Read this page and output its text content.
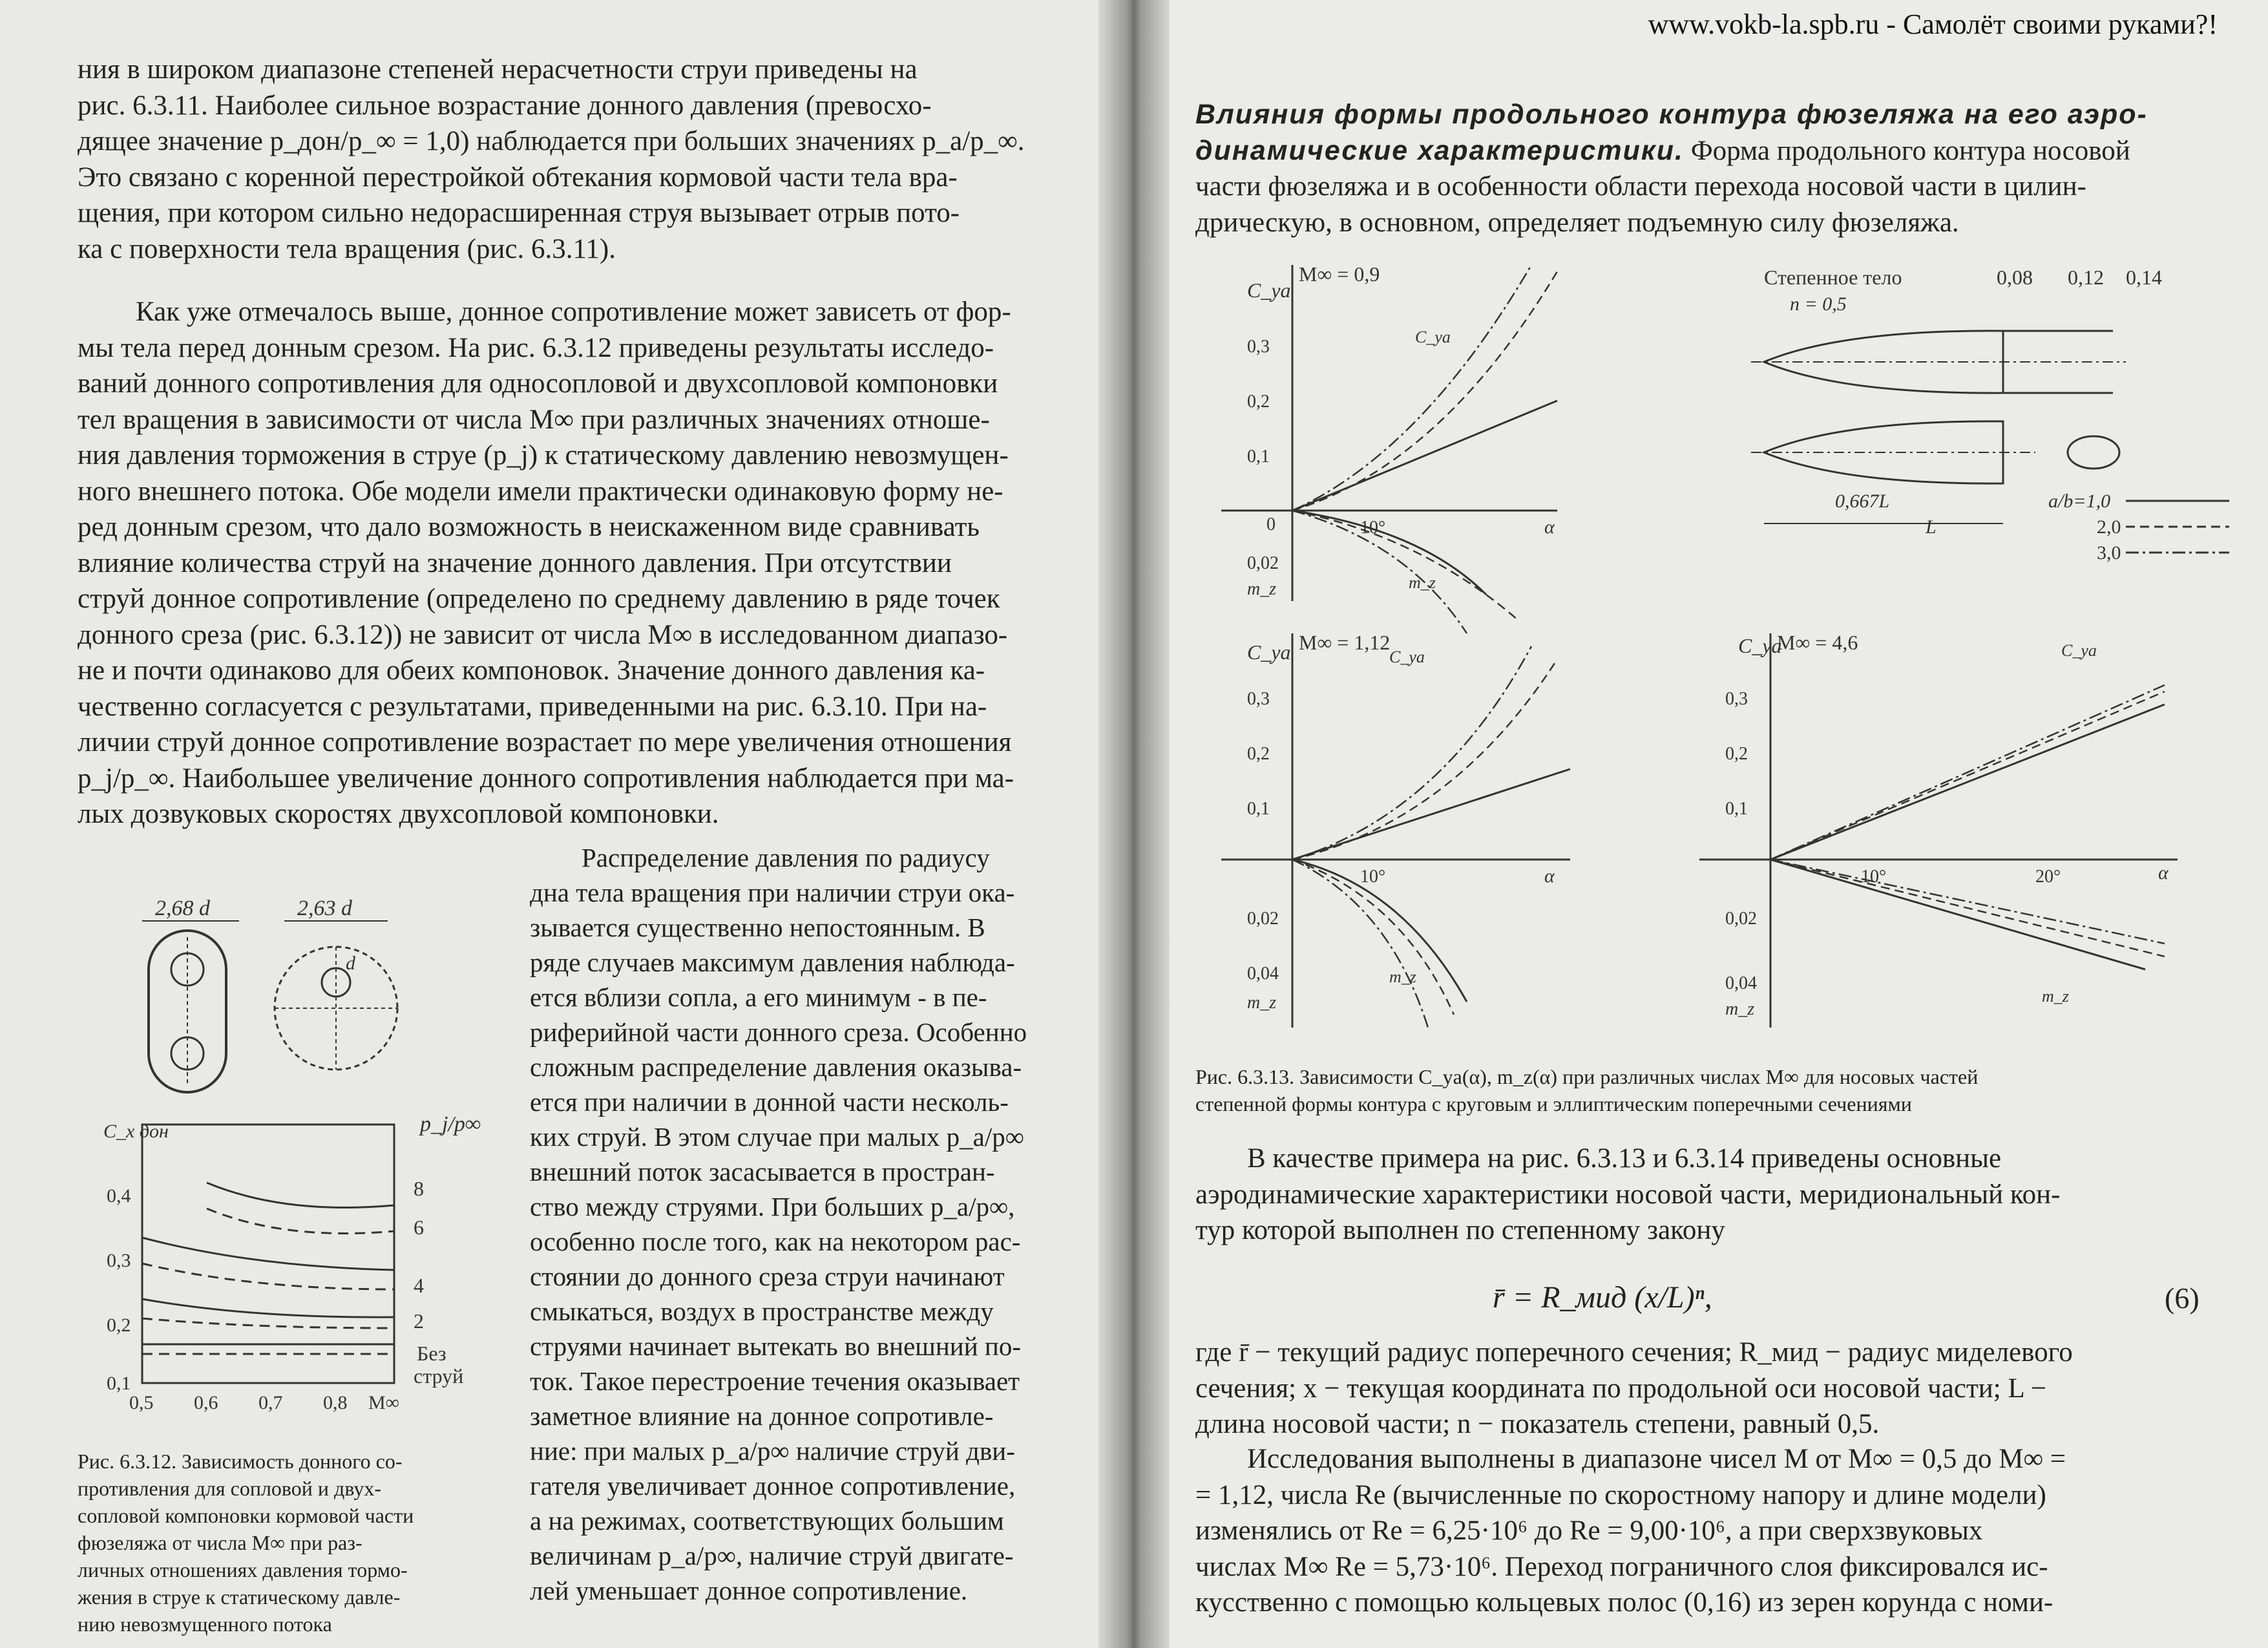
ния в широком диапазоне степеней нерасчетности струи приведены на
рис. 6.3.11. Наиболее сильное возрастание донного давления (превосхо-
дящее значение p_дон/p_∞ = 1,0) наблюдается при больших значениях p_a/p_∞.
Это связано с коренной перестройкой обтекания кормовой части тела вра-
щения, при котором сильно недорасширенная струя вызывает отрыв пото-
ка с поверхности тела вращения (рис. 6.3.11).
Как уже отмечалось выше, донное сопротивление может зависеть от фор-
мы тела перед донным срезом. На рис. 6.3.12 приведены результаты исследо-
ваний донного сопротивления для односопловой и двухсопловой компоновки
тел вращения в зависимости от числа M∞ при различных значениях отноше-
ния давления торможения в струе (p_j) к статическому давлению невозмущен-
ного внешнего потока. Обе модели имели практически одинаковую форму не-
ред донным срезом, что дало возможность в неискаженном виде сравнивать
влияние количества струй на значение донного давления. При отсутствии
струй донное сопротивление (определено по среднему давлению в ряде точек
донного среза (рис. 6.3.12)) не зависит от числа M∞ в исследованном диапазо-
не и почти одинаково для обеих компоновок. Значение донного давления ка-
чественно согласуется с результатами, приведенными на рис. 6.3.10. При на-
личии струй донное сопротивление возрастает по мере увеличения отношения
p_j/p_∞. Наибольшее увеличение донного сопротивления наблюдается при ма-
лых дозвуковых скоростях двухсопловой компоновки.
2,68 d	2,63 d
d
C_x дон	p_j/p∞
0,4
0,3
0,2
0,1
0,5 0,6 0,7 0,8 M∞
8
6
4
2
Без
струй
Рис. 6.3.12. Зависимость донного со-
противления для сопловой и двух-
сопловой компоновки кормовой части
фюзеляжа от числа M∞ при раз-
личных отношениях давления тормо-
жения в струе к статическому давле-
нию невозмущенного потока
Распределение давления по радиусу
дна тела вращения при наличии струи ока-
зывается существенно непостоянным. В
ряде случаев максимум давления наблюда-
ется вблизи сопла, а его минимум - в пе-
риферийной части донного среза. Особенно
сложным распределение давления оказыва-
ется при наличии в донной части несколь-
ких струй. В этом случае при малых p_a/p∞
внешний поток засасывается в простран-
ство между струями. При больших p_a/p∞,
особенно после того, как на некотором рас-
стоянии до донного среза струи начинают
смыкаться, воздух в пространстве между
струями начинает вытекать во внешний по-
ток. Такое перестроение течения оказывает
заметное влияние на донное сопротивле-
ние: при малых p_a/p∞ наличие струй дви-
гателя увеличивает донное сопротивление,
а на режимах, соответствующих большим
величинам p_a/p∞, наличие струй двигате-
лей уменьшает донное сопротивление.
www.vokb-la.spb.ru - Самолёт своими руками?!
Влияния формы продольного контура фюзеляжа на его аэро-
динамические характеристики. Форма продольного контура носовой
части фюзеляжа и в особенности области перехода носовой части в цилин-
дрическую, в основном, определяет подъемную силу фюзеляжа.
C_ya
M∞ = 0,9
0,3
0,2
0,1
0
0,02
m_z
10°	α
C_ya
m_z
Степенное тело
n = 0,5
0,08 0,12 0,14
0,667L
L
a/b=1,0
2,0
3,0
C_ya M∞ = 1,12
0,3
0,2
0,1
0,02
0,04
m_z
10°	α
C_ya
m_z
C_ya
M∞ = 4,6
0,3
0,2
0,1
0,02
0,04
m_z
10°	20°	α
C_ya
m_z
Рис. 6.3.13. Зависимости C_ya(α), m_z(α) при различных числах M∞ для носовых частей
степенной формы контура с круговым и эллиптическим поперечными сечениями
В качестве примера на рис. 6.3.13 и 6.3.14 приведены основные
аэродинамические характеристики носовой части, меридиональный кон-
тур которой выполнен по степенному закону
r̄ = R_мид (x/L)ⁿ,	(6)
где r̄ − текущий радиус поперечного сечения; R_мид − радиус миделевого
сечения; x − текущая координата по продольной оси носовой части; L −
длина носовой части; n − показатель степени, равный 0,5.
Исследования выполнены в диапазоне чисел M от M∞ = 0,5 до M∞ =
= 1,12, числа Re (вычисленные по скоростному напору и длине модели)
изменялись от Re = 6,25·10⁶ до Re = 9,00·10⁶, а при сверхзвуковых
числах M∞ Re = 5,73·10⁶. Переход пограничного слоя фиксировался ис-
кусственно с помощью кольцевых полос (0,16) из зерен корунда с номи-
